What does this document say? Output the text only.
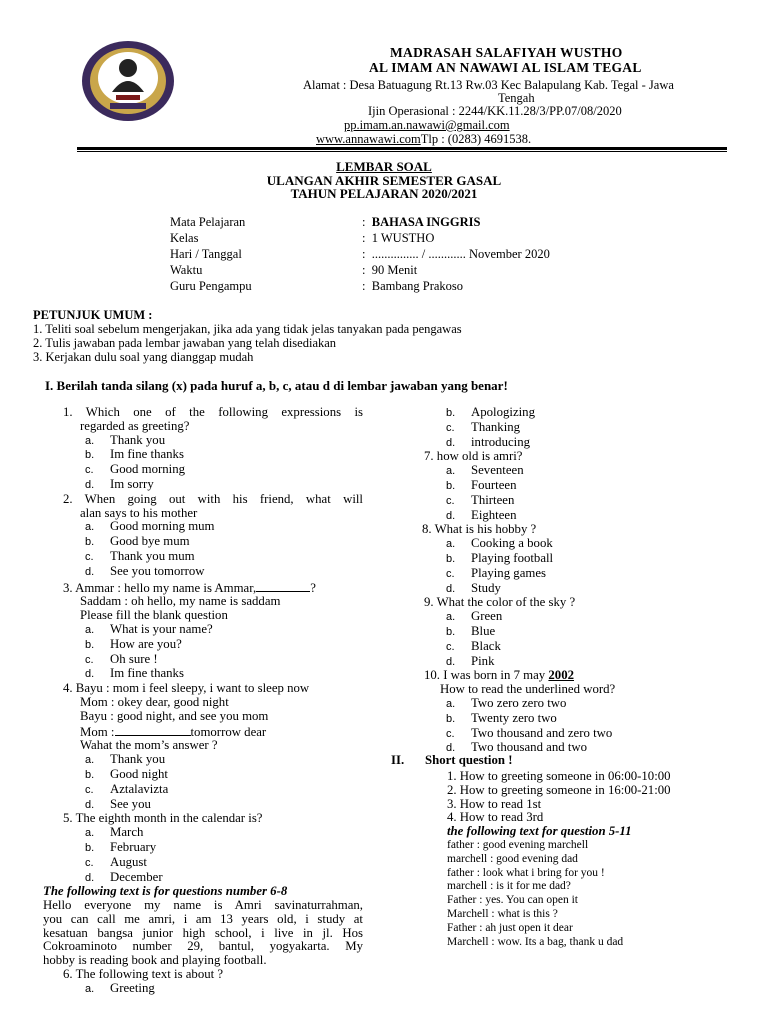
MADRASAH SALAFIYAH WUSTHO
AL IMAM AN NAWAWI AL ISLAM TEGAL
Alamat : Desa Batuagung Rt.13 Rw.03 Kec Balapulang Kab. Tegal - Jawa
Tengah
Ijin Operasional : 2244/KK.11.28/3/PP.07/08/2020
pp.imam.an.nawawi@gmail.com
www.annawawi.comTlp : (0283) 4691538.
LEMBAR SOAL
ULANGAN AKHIR SEMESTER GASAL
TAHUN PELAJARAN 2020/2021
Mata Pelajaran	:  BAHASA INGGRIS
Kelas	:  1 WUSTHO
Hari / Tanggal	:  ............... / ............ November 2020
Waktu	:  90 Menit
Guru Pengampu	:  Bambang Prakoso
PETUNJUK UMUM :
1. Teliti soal sebelum mengerjakan, jika ada yang tidak jelas tanyakan pada pengawas
2. Tulis jawaban pada lembar jawaban yang telah disediakan
3. Kerjakan dulu soal yang dianggap mudah
I. Berilah tanda silang (x) pada huruf a, b, c, atau d di lembar jawaban yang benar!
1. Which one of the following expressions is
regarded as greeting?
a. Thank you
b. Im fine thanks
c. Good morning
d. Im sorry
2. When going out with his friend, what will
alan says to his mother
a. Good morning mum
b. Good bye mum
c. Thank you mum
d. See you tomorrow
3. Ammar : hello my name is Ammar,	?
Saddam : oh hello, my name is saddam
Please fill the blank question
a. What is your name?
b. How are you?
c. Oh sure !
d. Im fine thanks
4. Bayu : mom i feel sleepy, i want to sleep now
Mom : okey dear, good night
Bayu : good night, and see you mom
Mom :	tomorrow dear
Wahat the mom’s answer ?
a. Thank you
b. Good night
c. Aztalavizta
d. See you
5. The eighth month in the calendar is?
a. March
b. February
c. August
d. December
The following text is for questions number 6-8
Hello everyone my name is Amri savinaturrahman,
you can call me amri, i am 13 years old, i study at
kesatuan bangsa junior high school, i live in jl. Hos
Cokroaminoto number 29, bantul, yogyakarta. My
hobby is reading book and playing football.
6. The following text is about ?
a. Greeting
b. Apologizing
c. Thanking
d. introducing
7. how old is amri?
a. Seventeen
b. Fourteen
c. Thirteen
d. Eighteen
8. What is his hobby ?
a. Cooking a book
b. Playing football
c. Playing games
d. Study
9. What the color of the sky ?
a. Green
b. Blue
c. Black
d. Pink
10. I was born in 7 may 2002
How to read the underlined word?
a. Two zero zero two
b. Twenty zero two
c. Two thousand and zero two
d. Two thousand and two
II. Short question !
1. How to greeting someone in 06:00-10:00
2. How to greeting someone in 16:00-21:00
3. How to read 1st
4. How to read 3rd
the following text for question 5-11
father : good evening marchell
marchell : good evening dad
father : look what i bring for you !
marchell : is it for me dad?
Father : yes. You can open it
Marchell : what is this ?
Father : ah just open it dear
Marchell : wow. Its a bag, thank u dad
